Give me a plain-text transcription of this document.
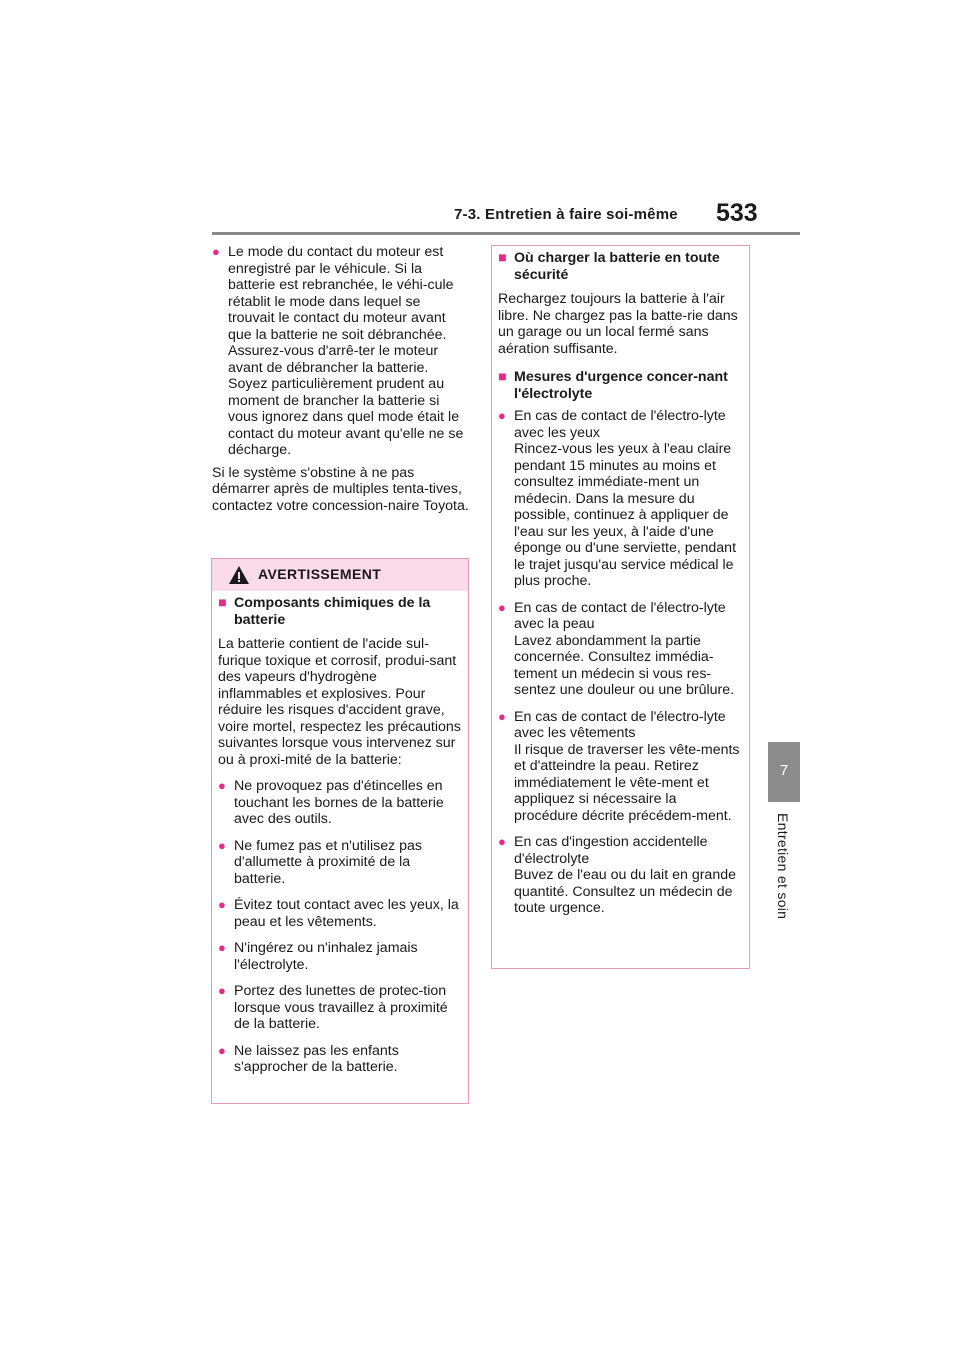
7-3. Entretien à faire soi-même 533
7
Entretien et soin
● Le mode du contact du moteur est enregistré par le véhicule. Si la batterie est rebranchée, le véhi-cule rétablit le mode dans lequel se trouvait le contact du moteur avant que la batterie ne soit débranchée. Assurez-vous d'arrê-ter le moteur avant de débrancher la batterie. Soyez particulièrement prudent au moment de brancher la batterie si vous ignorez dans quel mode était le contact du moteur avant qu'elle ne se décharge.
Si le système s'obstine à ne pas démarrer après de multiples tenta-tives, contactez votre concession-naire Toyota.
AVERTISSEMENT
■ Composants chimiques de la batterie
La batterie contient de l'acide sul-furique toxique et corrosif, produi-sant des vapeurs d'hydrogène inflammables et explosives. Pour réduire les risques d'accident grave, voire mortel, respectez les précautions suivantes lorsque vous intervenez sur ou à proxi-mité de la batterie:
● Ne provoquez pas d'étincelles en touchant les bornes de la batterie avec des outils.
● Ne fumez pas et n'utilisez pas d'allumette à proximité de la batterie.
● Évitez tout contact avec les yeux, la peau et les vêtements.
● N'ingérez ou n'inhalez jamais l'électrolyte.
● Portez des lunettes de protec-tion lorsque vous travaillez à proximité de la batterie.
● Ne laissez pas les enfants s'approcher de la batterie.
■ Où charger la batterie en toute sécurité
Rechargez toujours la batterie à l'air libre. Ne chargez pas la batte-rie dans un garage ou un local fermé sans aération suffisante.
■ Mesures d'urgence concer-nant l'électrolyte
● En cas de contact de l'électro-lyte avec les yeux
Rincez-vous les yeux à l'eau claire pendant 15 minutes au moins et consultez immédiate-ment un médecin. Dans la mesure du possible, continuez à appliquer de l'eau sur les yeux, à l'aide d'une éponge ou d'une serviette, pendant le trajet jusqu'au service médical le plus proche.
● En cas de contact de l'électro-lyte avec la peau
Lavez abondamment la partie concernée. Consultez immédia-tement un médecin si vous res-sentez une douleur ou une brûlure.
● En cas de contact de l'électro-lyte avec les vêtements
Il risque de traverser les vête-ments et d'atteindre la peau. Retirez immédiatement le vête-ment et appliquez si nécessaire la procédure décrite précédem-ment.
● En cas d'ingestion accidentelle d'électrolyte
Buvez de l'eau ou du lait en grande quantité. Consultez un médecin de toute urgence.
